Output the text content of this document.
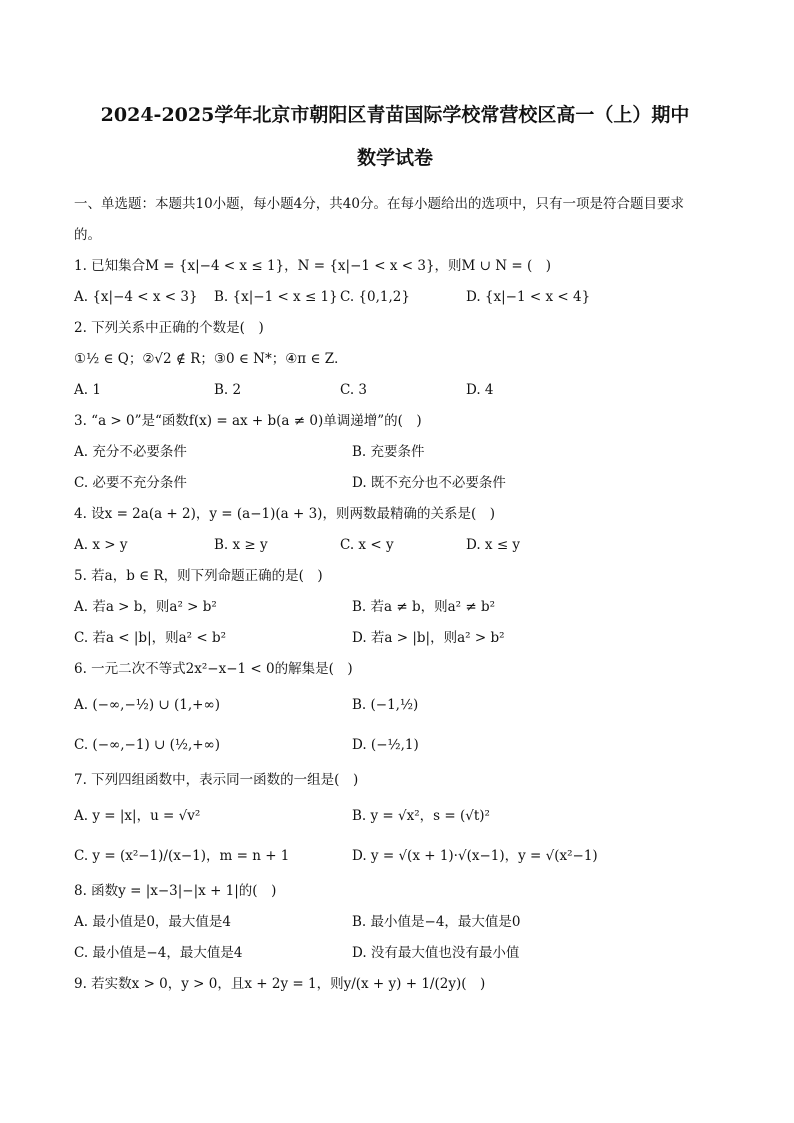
2024-2025学年北京市朝阳区青苗国际学校常营校区高一（上）期中
数学试卷
一、单选题：本题共10小题，每小题4分，共40分。在每小题给出的选项中，只有一项是符合题目要求
的。
1. 已知集合M = {x|−4 < x ≤ 1}，N = {x|−1 < x < 3}，则M ∪ N = (　)
A. {x|−4 < x < 3}	B. {x|−1 < x ≤ 1} C. {0,1,2}	D. {x|−1 < x < 4}
2. 下列关系中正确的个数是(　)
①½ ∈ Q；②√2 ∉ R；③0 ∈ N*；④π ∈ Z．
A. 1	B. 2	C. 3	D. 4
3. “a > 0”是“函数f(x) = ax + b(a ≠ 0)单调递增”的(　)
A. 充分不必要条件	B. 充要条件
C. 必要不充分条件	D. 既不充分也不必要条件
4. 设x = 2a(a + 2)，y = (a−1)(a + 3)，则两数最精确的关系是(　)
A. x > y	B. x ≥ y	C. x < y	D. x ≤ y
5. 若a，b ∈ R，则下列命题正确的是(　)
A. 若a > b，则a² > b²	B. 若a ≠ b，则a² ≠ b²
C. 若a < |b|，则a² < b²	D. 若a > |b|，则a² > b²
6. 一元二次不等式2x²−x−1 < 0的解集是(　)
A. (−∞,−½) ∪ (1,+∞)	B. (−1,½)
C. (−∞,−1) ∪ (½,+∞)	D. (−½,1)
7. 下列四组函数中，表示同一函数的一组是(　)
A. y = |x|，u = √v²	B. y = √x²，s = (√t)²
C. y = (x²−1)/(x−1)，m = n + 1	D. y = √(x + 1)·√(x−1)，y = √(x²−1)
8. 函数y = |x−3|−|x + 1|的(　)
A. 最小值是0，最大值是4	B. 最小值是−4，最大值是0
C. 最小值是−4，最大值是4	D. 没有最大值也没有最小值
9. 若实数x > 0，y > 0，且x + 2y = 1，则y/(x + y) + 1/(2y)(　)
